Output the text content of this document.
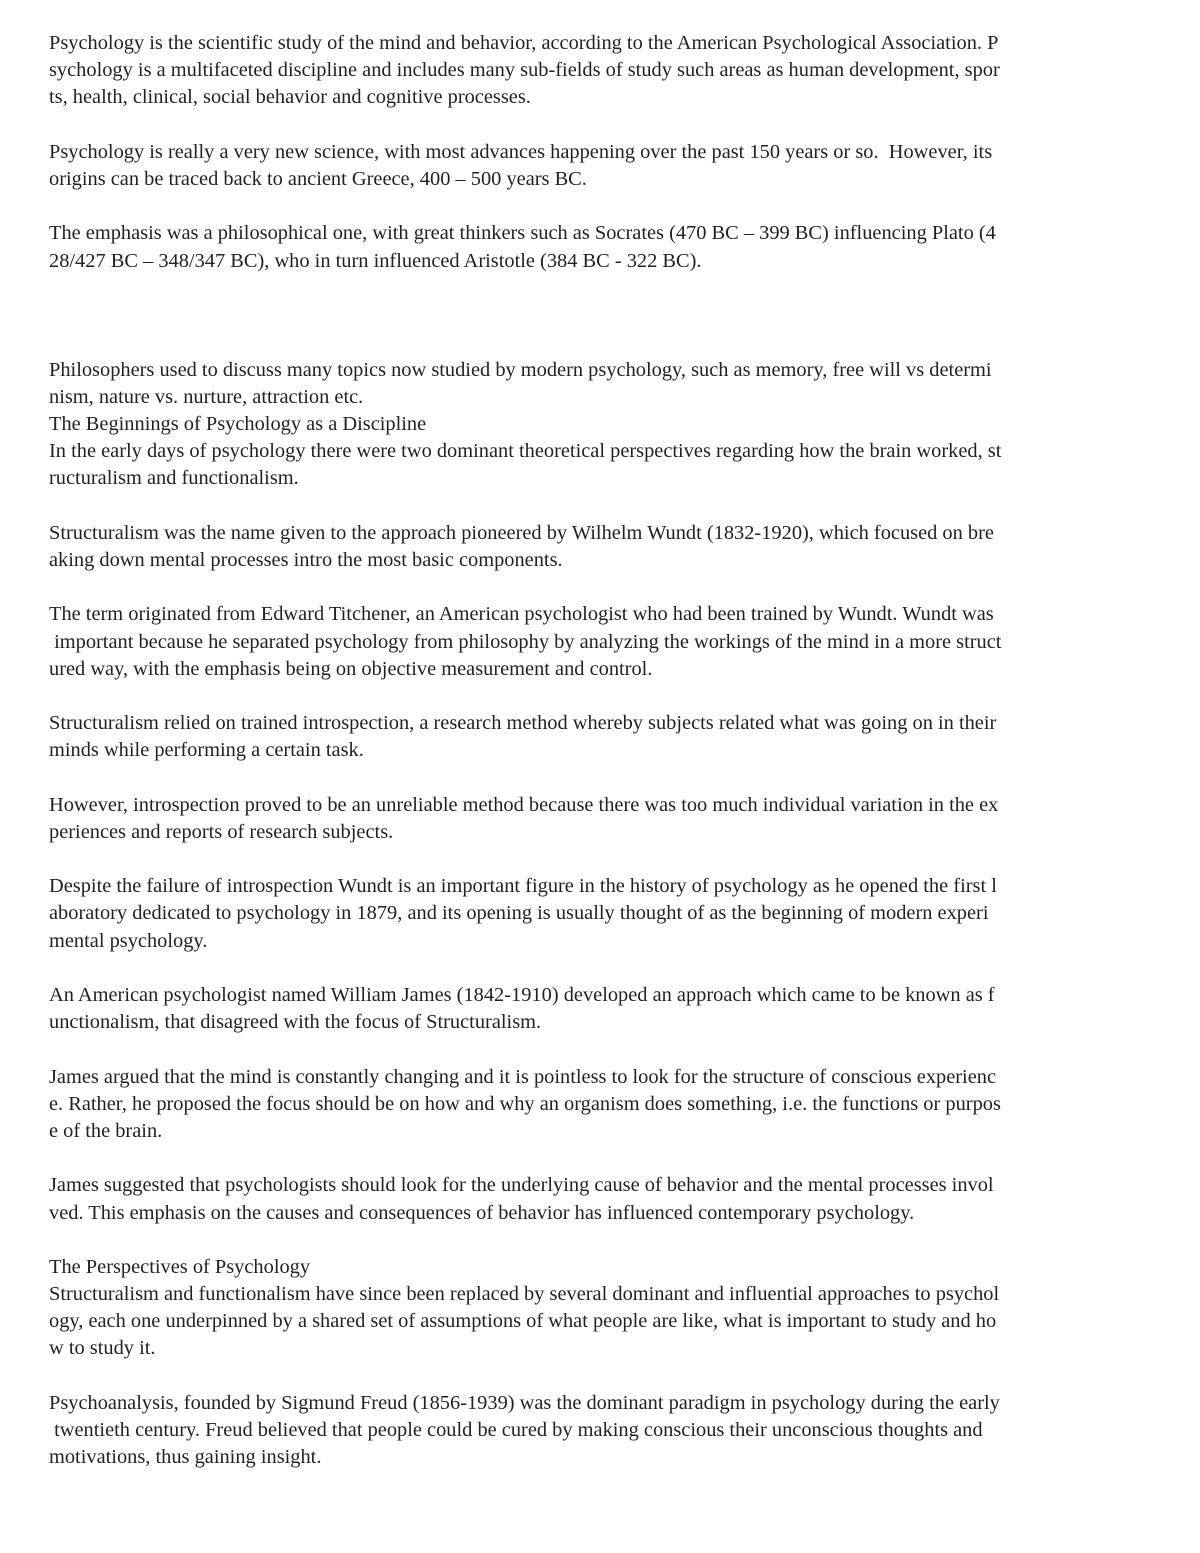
Psychology is the scientific study of the mind and behavior, according to the American Psychological Association. P
sychology is a multifaceted discipline and includes many sub-fields of study such areas as human development, spor
ts, health, clinical, social behavior and cognitive processes.
Psychology is really a very new science, with most advances happening over the past 150 years or so.  However, its
origins can be traced back to ancient Greece, 400 – 500 years BC.
The emphasis was a philosophical one, with great thinkers such as Socrates (470 BC – 399 BC) influencing Plato (4
28/427 BC – 348/347 BC), who in turn influenced Aristotle (384 BC - 322 BC).
Philosophers used to discuss many topics now studied by modern psychology, such as memory, free will vs determi
nism, nature vs. nurture, attraction etc.
The Beginnings of Psychology as a Discipline
In the early days of psychology there were two dominant theoretical perspectives regarding how the brain worked, st
ructuralism and functionalism.
Structuralism was the name given to the approach pioneered by Wilhelm Wundt (1832-1920), which focused on bre
aking down mental processes intro the most basic components.
The term originated from Edward Titchener, an American psychologist who had been trained by Wundt. Wundt was
important because he separated psychology from philosophy by analyzing the workings of the mind in a more struct
ured way, with the emphasis being on objective measurement and control.
Structuralism relied on trained introspection, a research method whereby subjects related what was going on in their
minds while performing a certain task.
However, introspection proved to be an unreliable method because there was too much individual variation in the ex
periences and reports of research subjects.
Despite the failure of introspection Wundt is an important figure in the history of psychology as he opened the first l
aboratory dedicated to psychology in 1879, and its opening is usually thought of as the beginning of modern experi
mental psychology.
An American psychologist named William James (1842-1910) developed an approach which came to be known as f
unctionalism, that disagreed with the focus of Structuralism.
James argued that the mind is constantly changing and it is pointless to look for the structure of conscious experienc
e. Rather, he proposed the focus should be on how and why an organism does something, i.e. the functions or purpos
e of the brain.
James suggested that psychologists should look for the underlying cause of behavior and the mental processes invol
ved. This emphasis on the causes and consequences of behavior has influenced contemporary psychology.
The Perspectives of Psychology
Structuralism and functionalism have since been replaced by several dominant and influential approaches to psychol
ogy, each one underpinned by a shared set of assumptions of what people are like, what is important to study and ho
w to study it.
Psychoanalysis, founded by Sigmund Freud (1856-1939) was the dominant paradigm in psychology during the early
twentieth century. Freud believed that people could be cured by making conscious their unconscious thoughts and
motivations, thus gaining insight.
